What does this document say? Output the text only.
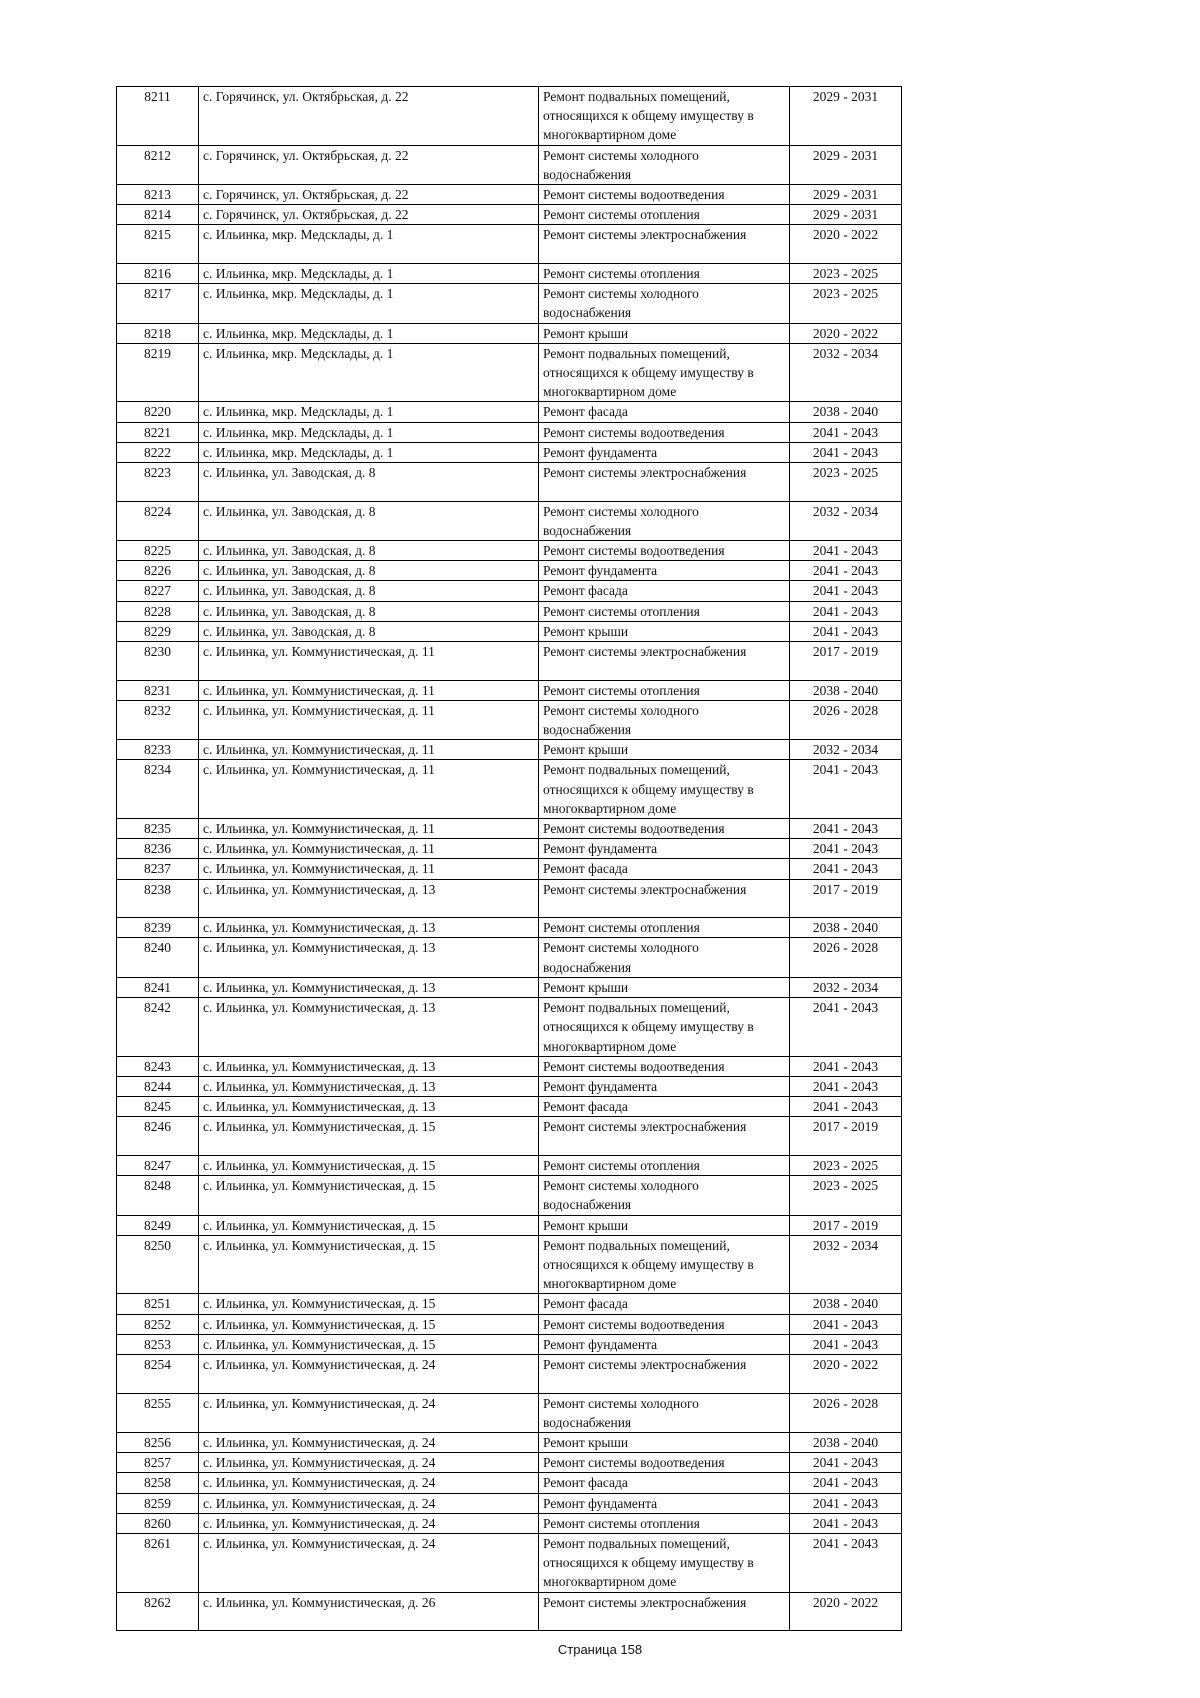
8211	с. Горячинск, ул. Октябрьская, д. 22	Ремонт подвальных помещений, относящихся к общему имуществу в многоквартирном доме	2029 - 2031
8212	с. Горячинск, ул. Октябрьская, д. 22	Ремонт системы холодного водоснабжения	2029 - 2031
8213	с. Горячинск, ул. Октябрьская, д. 22	Ремонт системы водоотведения	2029 - 2031
8214	с. Горячинск, ул. Октябрьская, д. 22	Ремонт системы отопления	2029 - 2031
8215	с. Ильинка, мкр. Медсклады, д. 1	Ремонт системы электроснабжения	2020 - 2022
8216	с. Ильинка, мкр. Медсклады, д. 1	Ремонт системы отопления	2023 - 2025
8217	с. Ильинка, мкр. Медсклады, д. 1	Ремонт системы холодного водоснабжения	2023 - 2025
8218	с. Ильинка, мкр. Медсклады, д. 1	Ремонт крыши	2020 - 2022
8219	с. Ильинка, мкр. Медсклады, д. 1	Ремонт подвальных помещений, относящихся к общему имуществу в многоквартирном доме	2032 - 2034
8220	с. Ильинка, мкр. Медсклады, д. 1	Ремонт фасада	2038 - 2040
8221	с. Ильинка, мкр. Медсклады, д. 1	Ремонт системы водоотведения	2041 - 2043
8222	с. Ильинка, мкр. Медсклады, д. 1	Ремонт фундамента	2041 - 2043
8223	с. Ильинка, ул. Заводская, д. 8	Ремонт системы электроснабжения	2023 - 2025
8224	с. Ильинка, ул. Заводская, д. 8	Ремонт системы холодного водоснабжения	2032 - 2034
8225	с. Ильинка, ул. Заводская, д. 8	Ремонт системы водоотведения	2041 - 2043
8226	с. Ильинка, ул. Заводская, д. 8	Ремонт фундамента	2041 - 2043
8227	с. Ильинка, ул. Заводская, д. 8	Ремонт фасада	2041 - 2043
8228	с. Ильинка, ул. Заводская, д. 8	Ремонт системы отопления	2041 - 2043
8229	с. Ильинка, ул. Заводская, д. 8	Ремонт крыши	2041 - 2043
8230	с. Ильинка, ул. Коммунистическая, д. 11	Ремонт системы электроснабжения	2017 - 2019
8231	с. Ильинка, ул. Коммунистическая, д. 11	Ремонт системы отопления	2038 - 2040
8232	с. Ильинка, ул. Коммунистическая, д. 11	Ремонт системы холодного водоснабжения	2026 - 2028
8233	с. Ильинка, ул. Коммунистическая, д. 11	Ремонт крыши	2032 - 2034
8234	с. Ильинка, ул. Коммунистическая, д. 11	Ремонт подвальных помещений, относящихся к общему имуществу в многоквартирном доме	2041 - 2043
8235	с. Ильинка, ул. Коммунистическая, д. 11	Ремонт системы водоотведения	2041 - 2043
8236	с. Ильинка, ул. Коммунистическая, д. 11	Ремонт фундамента	2041 - 2043
8237	с. Ильинка, ул. Коммунистическая, д. 11	Ремонт фасада	2041 - 2043
8238	с. Ильинка, ул. Коммунистическая, д. 13	Ремонт системы электроснабжения	2017 - 2019
8239	с. Ильинка, ул. Коммунистическая, д. 13	Ремонт системы отопления	2038 - 2040
8240	с. Ильинка, ул. Коммунистическая, д. 13	Ремонт системы холодного водоснабжения	2026 - 2028
8241	с. Ильинка, ул. Коммунистическая, д. 13	Ремонт крыши	2032 - 2034
8242	с. Ильинка, ул. Коммунистическая, д. 13	Ремонт подвальных помещений, относящихся к общему имуществу в многоквартирном доме	2041 - 2043
8243	с. Ильинка, ул. Коммунистическая, д. 13	Ремонт системы водоотведения	2041 - 2043
8244	с. Ильинка, ул. Коммунистическая, д. 13	Ремонт фундамента	2041 - 2043
8245	с. Ильинка, ул. Коммунистическая, д. 13	Ремонт фасада	2041 - 2043
8246	с. Ильинка, ул. Коммунистическая, д. 15	Ремонт системы электроснабжения	2017 - 2019
8247	с. Ильинка, ул. Коммунистическая, д. 15	Ремонт системы отопления	2023 - 2025
8248	с. Ильинка, ул. Коммунистическая, д. 15	Ремонт системы холодного водоснабжения	2023 - 2025
8249	с. Ильинка, ул. Коммунистическая, д. 15	Ремонт крыши	2017 - 2019
8250	с. Ильинка, ул. Коммунистическая, д. 15	Ремонт подвальных помещений, относящихся к общему имуществу в многоквартирном доме	2032 - 2034
8251	с. Ильинка, ул. Коммунистическая, д. 15	Ремонт фасада	2038 - 2040
8252	с. Ильинка, ул. Коммунистическая, д. 15	Ремонт системы водоотведения	2041 - 2043
8253	с. Ильинка, ул. Коммунистическая, д. 15	Ремонт фундамента	2041 - 2043
8254	с. Ильинка, ул. Коммунистическая, д. 24	Ремонт системы электроснабжения	2020 - 2022
8255	с. Ильинка, ул. Коммунистическая, д. 24	Ремонт системы холодного водоснабжения	2026 - 2028
8256	с. Ильинка, ул. Коммунистическая, д. 24	Ремонт крыши	2038 - 2040
8257	с. Ильинка, ул. Коммунистическая, д. 24	Ремонт системы водоотведения	2041 - 2043
8258	с. Ильинка, ул. Коммунистическая, д. 24	Ремонт фасада	2041 - 2043
8259	с. Ильинка, ул. Коммунистическая, д. 24	Ремонт фундамента	2041 - 2043
8260	с. Ильинка, ул. Коммунистическая, д. 24	Ремонт системы отопления	2041 - 2043
8261	с. Ильинка, ул. Коммунистическая, д. 24	Ремонт подвальных помещений, относящихся к общему имуществу в многоквартирном доме	2041 - 2043
8262	с. Ильинка, ул. Коммунистическая, д. 26	Ремонт системы электроснабжения	2020 - 2022
Страница 158
